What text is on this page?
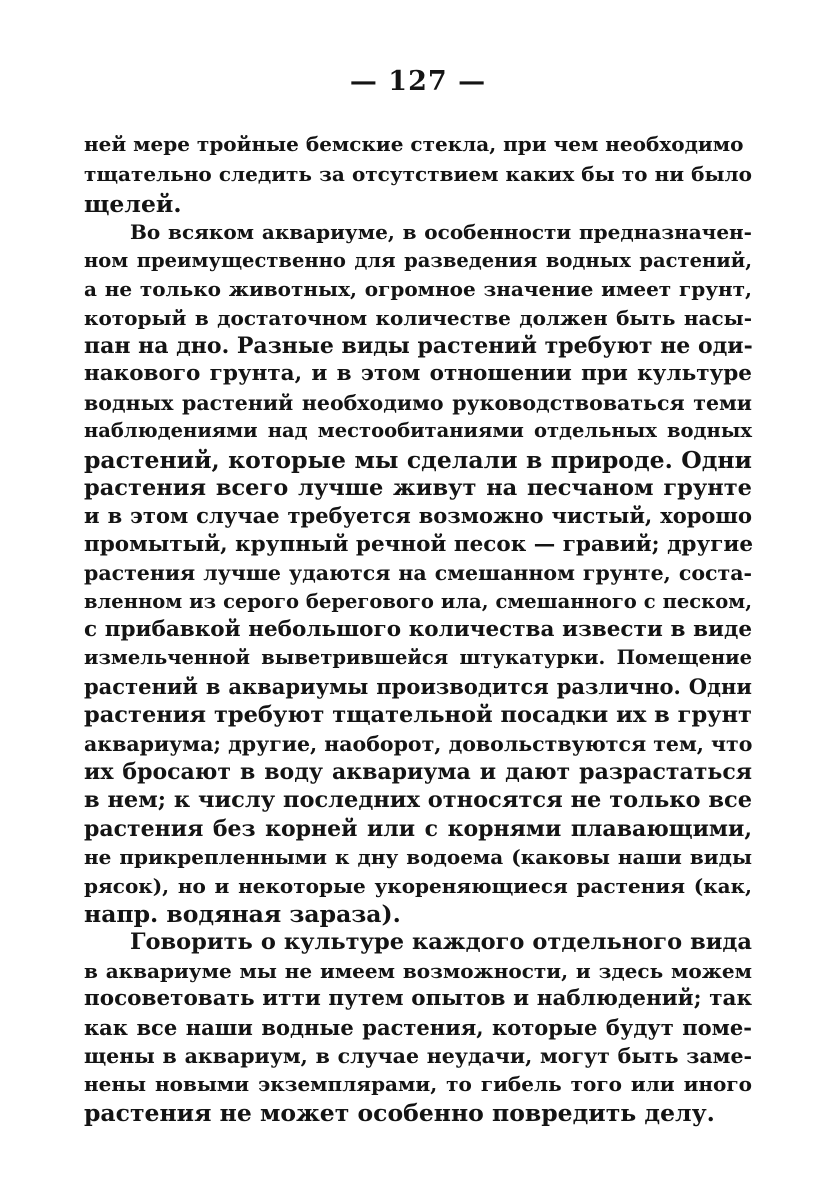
— 127 —
ней мере тройные бемские стекла, при чем необходимо
тщательно следить за отсутствием каких бы то ни было
щелей.
Во всяком аквариуме, в особенности предназначен-
ном преимущественно для разведения водных растений,
а не только животных, огромное значение имеет грунт,
который в достаточном количестве должен быть насы-
пан на дно. Разные виды растений требуют не оди-
накового грунта, и в этом отношении при культуре
водных растений необходимо руководствоваться теми
наблюдениями над местообитаниями отдельных водных
растений, которые мы сделали в природе. Одни
растения всего лучше живут на песчаном грунте
и в этом случае требуется возможно чистый, хорошо
промытый, крупный речной песок — гравий; другие
растения лучше удаются на смешанном грунте, соста-
вленном из серого берегового ила, смешанного с песком,
с прибавкой небольшого количества извести в виде
измельченной выветрившейся штукатурки. Помещение
растений в аквариумы производится различно. Одни
растения требуют тщательной посадки их в грунт
аквариума; другие, наоборот, довольствуются тем, что
их бросают в воду аквариума и дают разрастаться
в нем; к числу последних относятся не только все
растения без корней или с корнями плавающими,
не прикрепленными к дну водоема (каковы наши виды
рясок), но и некоторые укореняющиеся растения (как,
напр. водяная зараза).
Говорить о культуре каждого отдельного вида
в аквариуме мы не имеем возможности, и здесь можем
посоветовать итти путем опытов и наблюдений; так
как все наши водные растения, которые будут поме-
щены в аквариум, в случае неудачи, могут быть заме-
нены новыми экземплярами, то гибель того или иного
растения не может особенно повредить делу.
